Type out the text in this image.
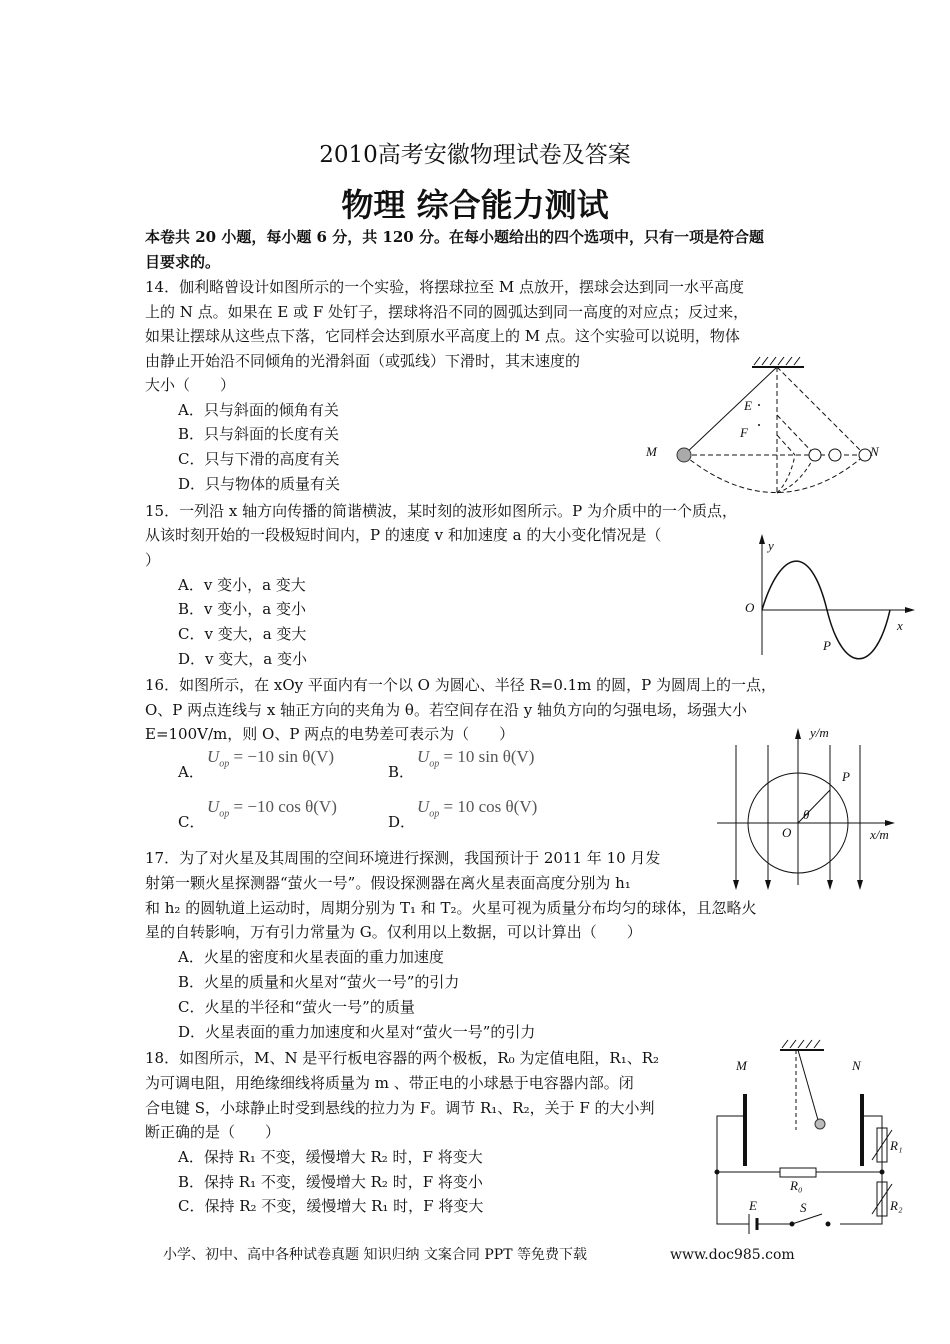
2010高考安徽物理试卷及答案
物理 综合能力测试
本卷共 20 小题，每小题 6 分，共 120 分。在每小题给出的四个选项中，只有一项是符合题
目要求的。
14．伽利略曾设计如图所示的一个实验，将摆球拉至 M 点放开，摆球会达到同一水平高度
上的 N 点。如果在 E 或 F 处钉子，摆球将沿不同的圆弧达到同一高度的对应点；反过来，
如果让摆球从这些点下落，它同样会达到原水平高度上的 M 点。这个实验可以说明，物体
由静止开始沿不同倾角的光滑斜面（或弧线）下滑时，其末速度的
大小（　　）
A．只与斜面的倾角有关
B．只与斜面的长度有关
C．只与下滑的高度有关
D．只与物体的质量有关
M
E
F
N
15．一列沿 x 轴方向传播的简谐横波，某时刻的波形如图所示。P 为介质中的一个质点，
从该时刻开始的一段极短时间内，P 的速度 v 和加速度 a 的大小变化情况是（
）
A．v 变小，a 变大
B．v 变小，a 变小
C．v 变大，a 变大
D．v 变大，a 变小
y
O
x
P
16．如图所示，在 xOy 平面内有一个以 O 为圆心、半径 R=0.1m 的圆，P 为圆周上的一点，
O、P 两点连线与 x 轴正方向的夹角为 θ。若空间存在沿 y 轴负方向的匀强电场，场强大小
E=100V/m，则 O、P 两点的电势差可表示为（　　）
A．
$U_{op} = -10$ sin θ(V)
B．
$U_{op} = 10$ sin θ(V)
C．
$U_{op} = -10$ cos θ(V)
D．
$U_{op} = 10$ cos θ(V)
y/m
P
θ
O	x/m
17．为了对火星及其周围的空间环境进行探测，我国预计于 2011 年 10 月发
射第一颗火星探测器“萤火一号”。假设探测器在离火星表面高度分别为 h₁
和 h₂ 的圆轨道上运动时，周期分别为 T₁ 和 T₂。火星可视为质量分布均匀的球体，且忽略火
星的自转影响，万有引力常量为 G。仅利用以上数据，可以计算出（　　）
A．火星的密度和火星表面的重力加速度
B．火星的质量和火星对“萤火一号”的引力
C．火星的半径和“萤火一号”的质量
D．火星表面的重力加速度和火星对“萤火一号”的引力
18．如图所示，M、N 是平行板电容器的两个极板，R₀ 为定值电阻，R₁、R₂
为可调电阻，用绝缘细线将质量为 m 、带正电的小球悬于电容器内部。闭
合电键 S，小球静止时受到悬线的拉力为 F。调节 R₁、R₂，关于 F 的大小判
断正确的是（　　）
A．保持 R₁ 不变，缓慢增大 R₂ 时，F 将变大
B．保持 R₁ 不变，缓慢增大 R₂ 时，F 将变小
C．保持 R₂ 不变，缓慢增大 R₁ 时，F 将变大
M	N
R₀
R₁
R₂
E	S
小学、初中、高中各种试卷真题 知识归纳 文案合同 PPT 等免费下载	www.doc985.com
